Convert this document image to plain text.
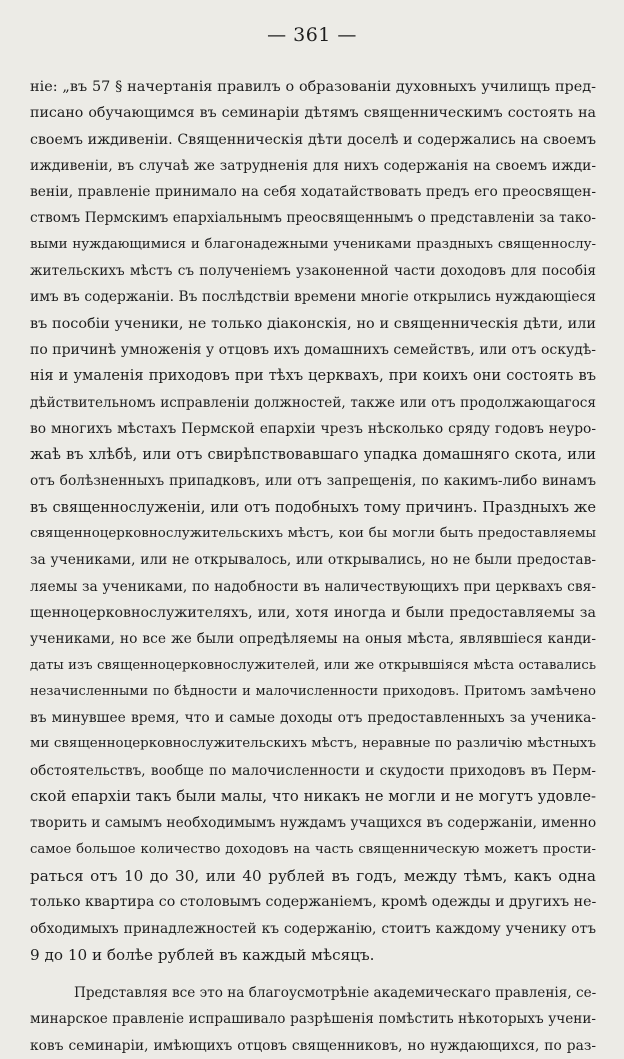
— 361 —
ніе: „въ 57 § начертанія правилъ о образованіи духовныхъ училищъ пред-
писано обучающимся въ семинаріи дѣтямъ священническимъ состоять на
своемъ иждивеніи. Священническія дѣти доселѣ и содержались на своемъ
иждивеніи, въ случаѣ же затрудненія для нихъ содержанія на своемъ ижди-
веніи, правленіе принимало на себя ходатайствовать предъ его преосвящен-
ствомъ Пермскимъ епархіальнымъ преосвященнымъ о представленіи за тако-
выми нуждающимися и благонадежными учениками праздныхъ священнослу-
жительскихъ мѣстъ съ полученіемъ узаконенной части доходовъ для пособія
имъ въ содержаніи. Въ послѣдствіи времени многіе открылись нуждающіеся
въ пособіи ученики, не только діаконскія, но и священническія дѣти, или
по причинѣ умноженія у отцовъ ихъ домашнихъ семействъ, или отъ оскудѣ-
нія и умаленія приходовъ при тѣхъ церквахъ, при коихъ они состоять въ
дѣйствительномъ исправленіи должностей, также или отъ продолжающагося
во многихъ мѣстахъ Пермской епархіи чрезъ нѣсколько сряду годовъ неуро-
жаѣ въ хлѣбѣ, или отъ свирѣпствовавшаго упадка домашняго скота, или
отъ болѣзненныхъ припадковъ, или отъ запрещенія, по какимъ-либо винамъ
въ священнослуженіи, или отъ подобныхъ тому причинъ. Праздныхъ же
священноцерковнослужительскихъ мѣстъ, кои бы могли быть предоставляемы
за учениками, или не открывалось, или открывались, но не были предостав-
ляемы за учениками, по надобности въ наличествующихъ при церквахъ свя-
щенноцерковнослужителяхъ, или, хотя иногда и были предоставляемы за
учениками, но все же были опредѣляемы на оныя мѣста, являвшіеся канди-
даты изъ священноцерковнослужителей, или же открывшіяся мѣста оставались
незачисленными по бѣдности и малочисленности приходовъ. Притомъ замѣчено
въ минувшее время, что и самые доходы отъ предоставленныхъ за ученика-
ми священноцерковнослужительскихъ мѣстъ, неравные по различію мѣстныхъ
обстоятельствъ, вообще по малочисленности и скудости приходовъ въ Перм-
ской епархіи такъ были малы, что никакъ не могли и не могутъ удовле-
творить и самымъ необходимымъ нуждамъ учащихся въ содержаніи, именно
самое большое количество доходовъ на часть священническую можетъ прости-
раться отъ 10 до 30, или 40 рублей въ годъ, между тѣмъ, какъ одна
только квартира со столовымъ содержаніемъ, кромѣ одежды и другихъ не-
обходимыхъ принадлежностей къ содержанію, стоитъ каждому ученику отъ
9 до 10 и болѣе рублей въ каждый мѣсяцъ.
Представляя все это на благоусмотрѣніе академическаго правленія, се-
минарское правленіе испрашивало разрѣшенія помѣстить нѣкоторыхъ учени-
ковъ семинаріи, имѣющихъ отцовъ священниковъ, но нуждающихся, по раз-
